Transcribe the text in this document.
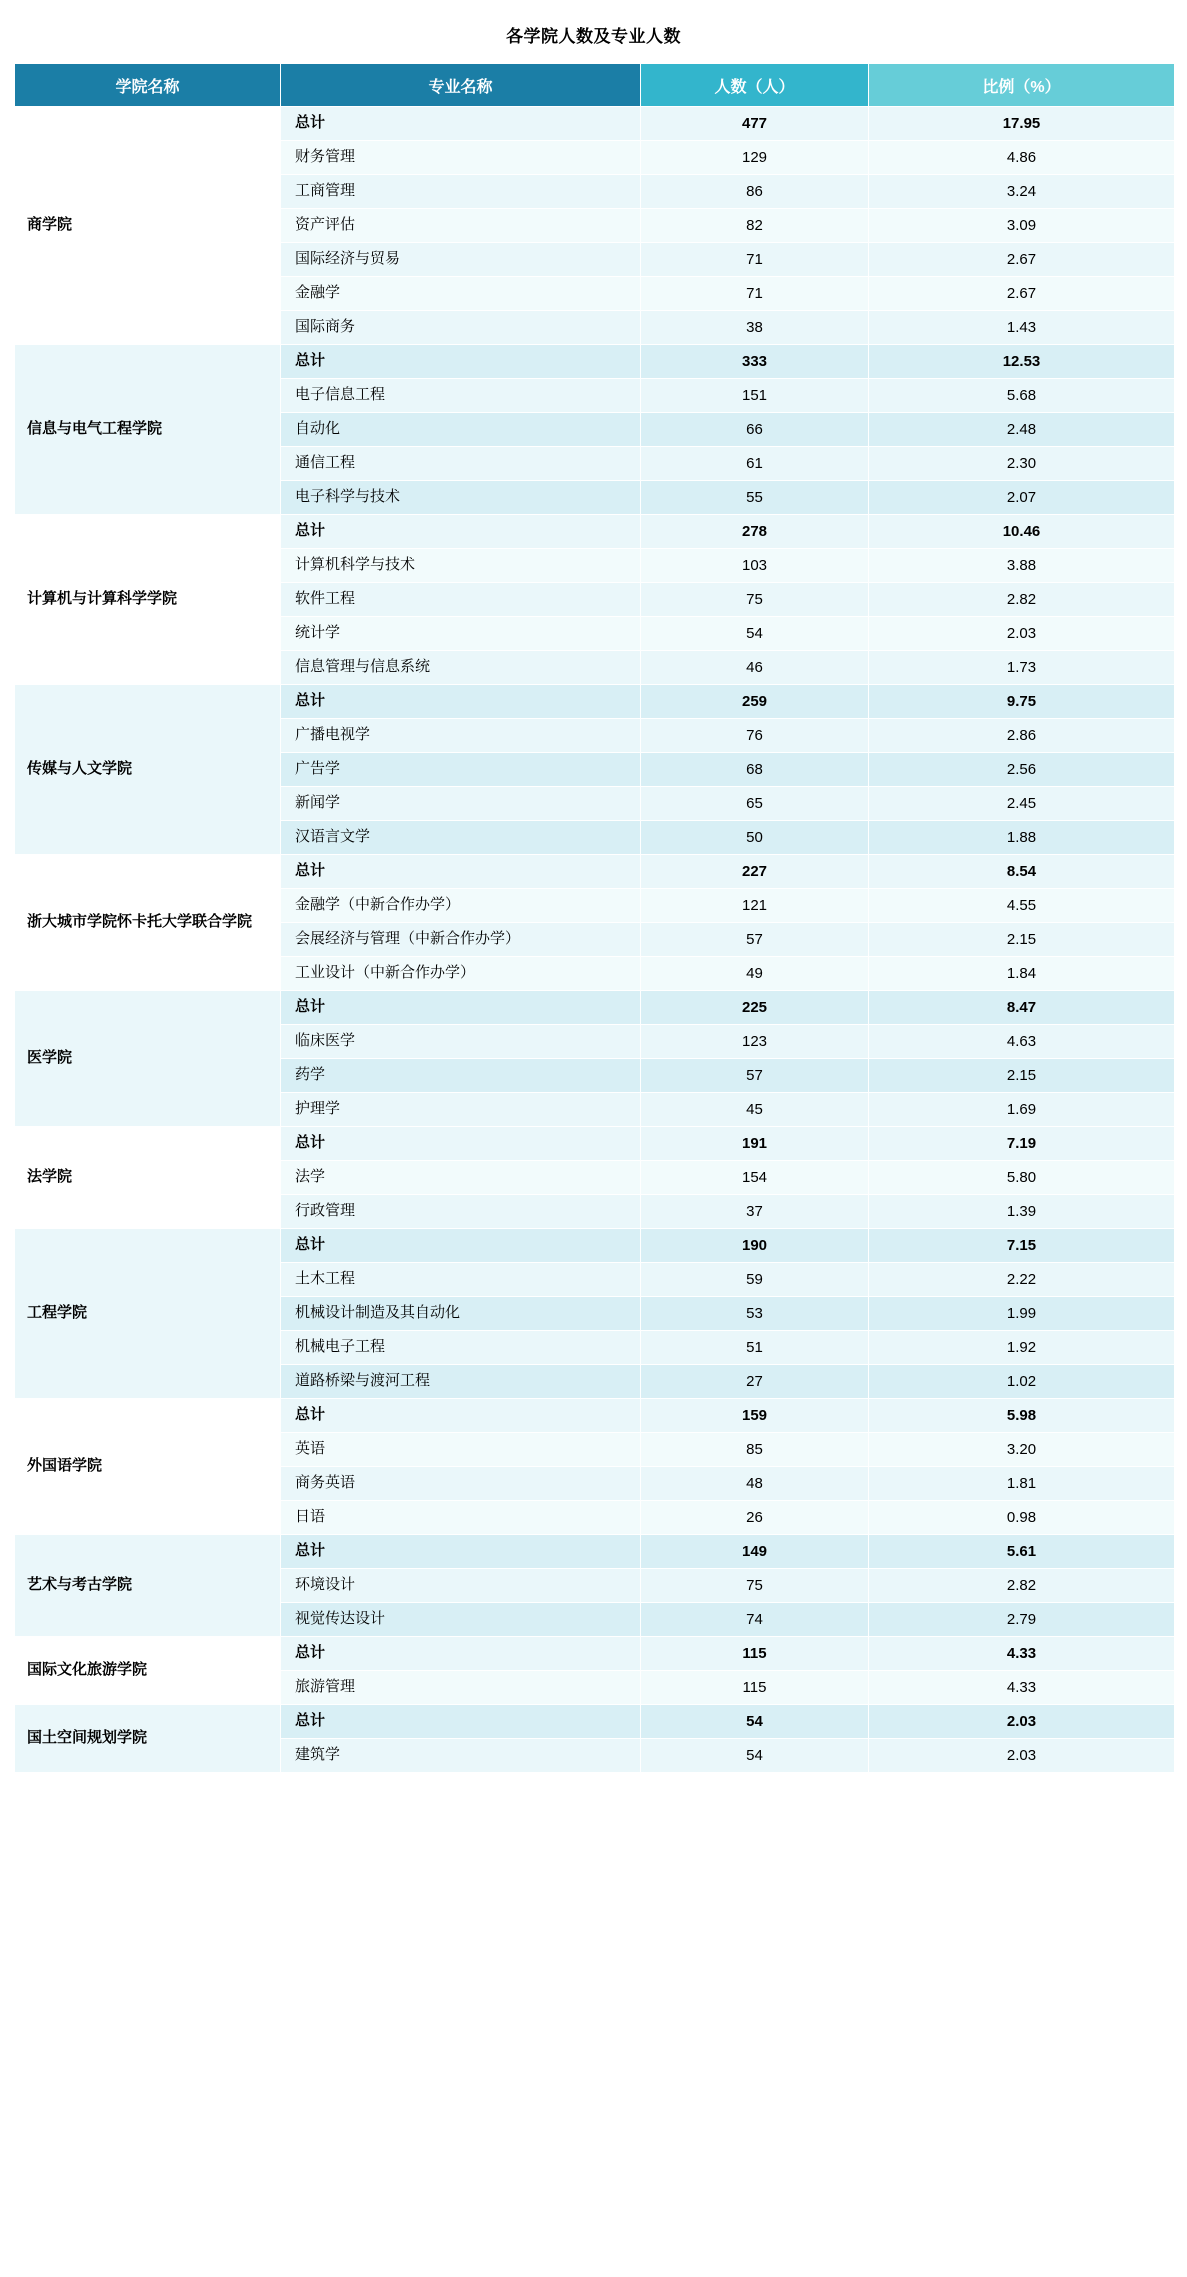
各学院人数及专业人数
学院名称	专业名称	人数（人）	比例（%）
商学院	总计	477	17.95
	财务管理	129	4.86
	工商管理	86	3.24
	资产评估	82	3.09
	国际经济与贸易	71	2.67
	金融学	71	2.67
	国际商务	38	1.43
信息与电气工程学院	总计	333	12.53
	电子信息工程	151	5.68
	自动化	66	2.48
	通信工程	61	2.30
	电子科学与技术	55	2.07
计算机与计算科学学院	总计	278	10.46
	计算机科学与技术	103	3.88
	软件工程	75	2.82
	统计学	54	2.03
	信息管理与信息系统	46	1.73
传媒与人文学院	总计	259	9.75
	广播电视学	76	2.86
	广告学	68	2.56
	新闻学	65	2.45
	汉语言文学	50	1.88
浙大城市学院怀卡托大学联合学院	总计	227	8.54
	金融学（中新合作办学）	121	4.55
	会展经济与管理（中新合作办学）	57	2.15
	工业设计（中新合作办学）	49	1.84
医学院	总计	225	8.47
	临床医学	123	4.63
	药学	57	2.15
	护理学	45	1.69
法学院	总计	191	7.19
	法学	154	5.80
	行政管理	37	1.39
工程学院	总计	190	7.15
	土木工程	59	2.22
	机械设计制造及其自动化	53	1.99
	机械电子工程	51	1.92
	道路桥梁与渡河工程	27	1.02
外国语学院	总计	159	5.98
	英语	85	3.20
	商务英语	48	1.81
	日语	26	0.98
艺术与考古学院	总计	149	5.61
	环境设计	75	2.82
	视觉传达设计	74	2.79
国际文化旅游学院	总计	115	4.33
	旅游管理	115	4.33
国土空间规划学院	总计	54	2.03
	建筑学	54	2.03
